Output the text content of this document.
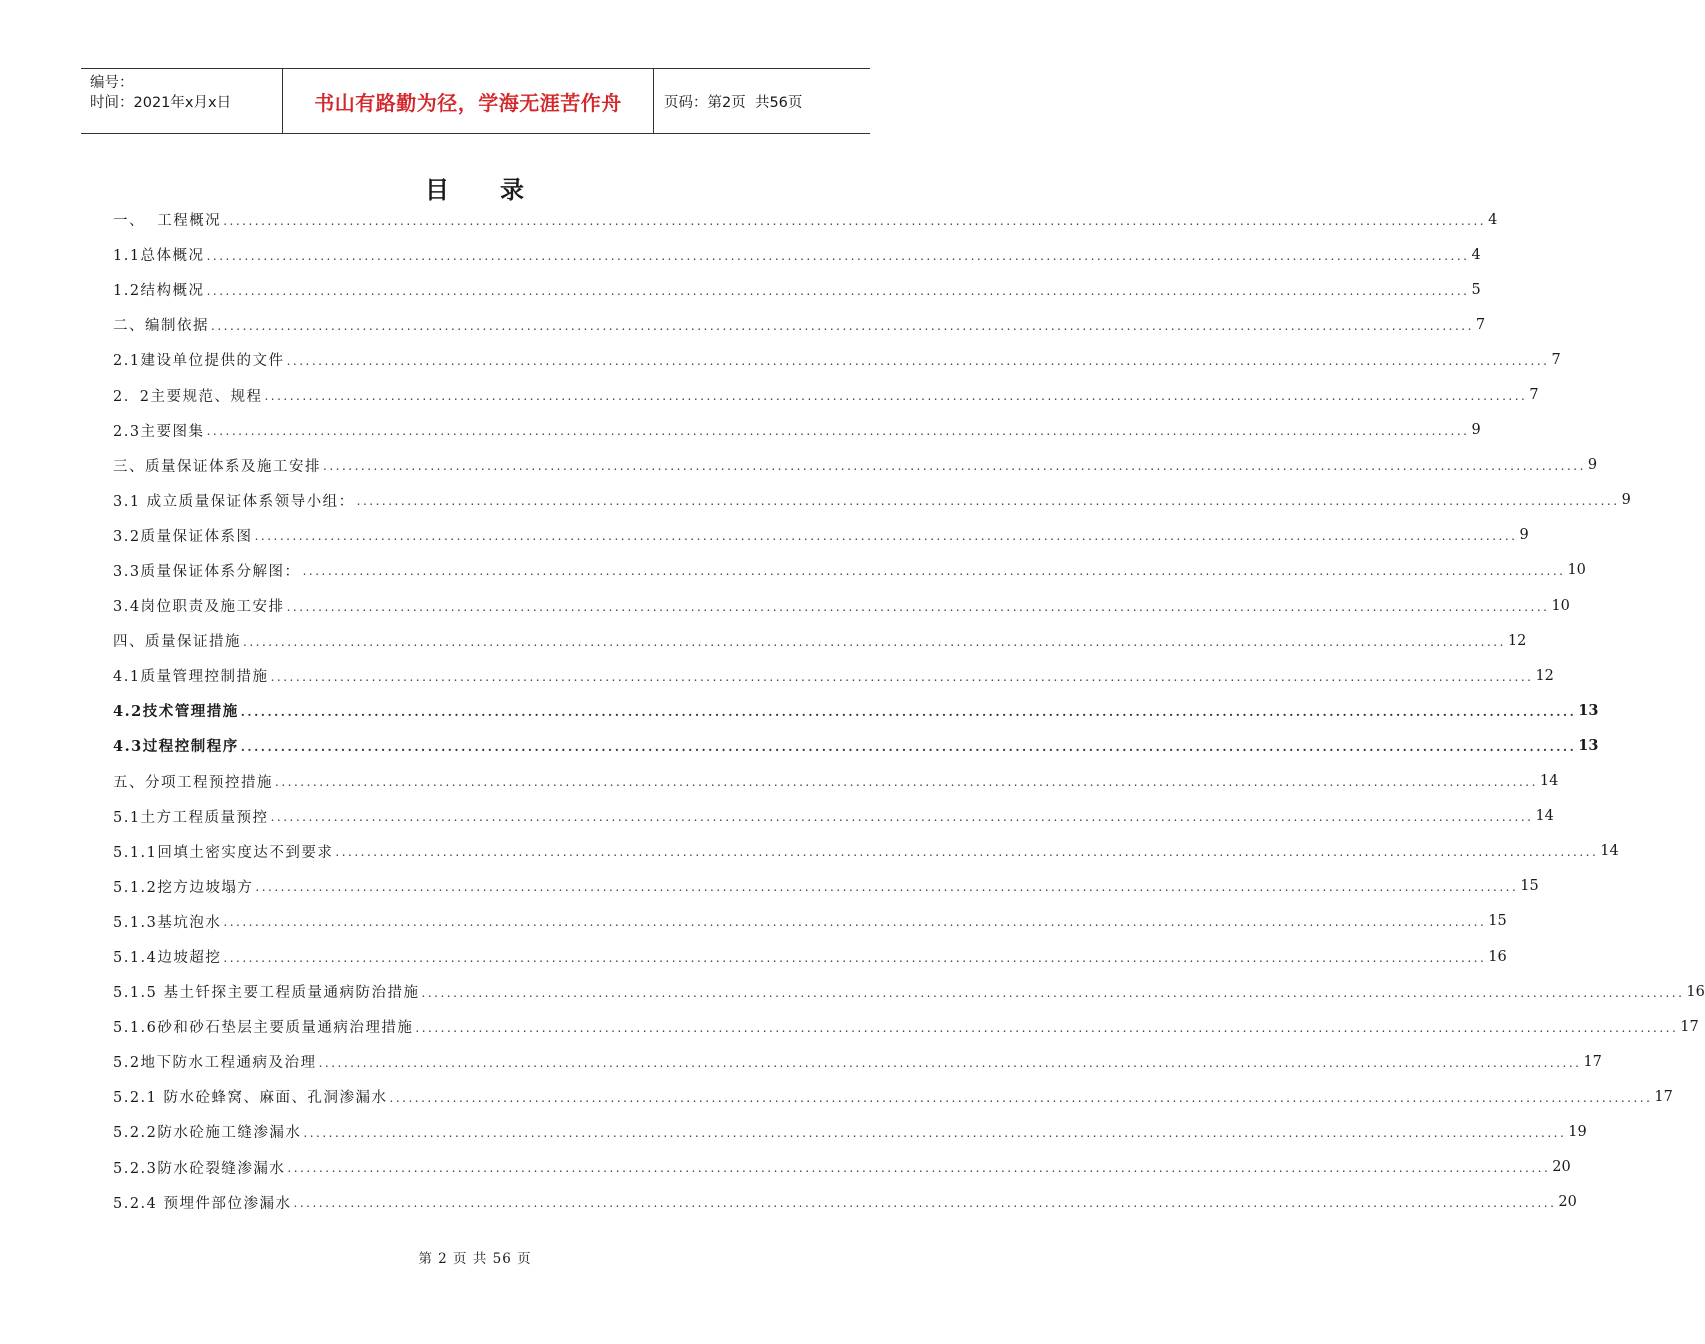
编号：
时间：2021年x月x日	书山有路勤为径，学海无涯苦作舟	页码：第2页  共56页
目 录
一、  工程概况 ........................................................................................................................................................................................................ 4
1.1总体概况 ........................................................................................................................................................................................................ 4
1.2结构概况 ........................................................................................................................................................................................................ 5
二、编制依据 ........................................................................................................................................................................................................ 7
2.1建设单位提供的文件 ........................................................................................................................................................................................................ 7
2．2主要规范、规程 ........................................................................................................................................................................................................ 7
2.3主要图集 ........................................................................................................................................................................................................ 9
三、质量保证体系及施工安排 ........................................................................................................................................................................................................ 9
3.1 成立质量保证体系领导小组： ........................................................................................................................................................................................................ 9
3.2质量保证体系图 ........................................................................................................................................................................................................ 9
3.3质量保证体系分解图： ........................................................................................................................................................................................................ 10
3.4岗位职责及施工安排 ........................................................................................................................................................................................................ 10
四、质量保证措施 ........................................................................................................................................................................................................ 12
4.1质量管理控制措施 ........................................................................................................................................................................................................ 12
4.2技术管理措施 ........................................................................................................................................................................................................ 13
4.3过程控制程序 ........................................................................................................................................................................................................ 13
五、分项工程预控措施 ........................................................................................................................................................................................................ 14
5.1土方工程质量预控 ........................................................................................................................................................................................................ 14
5.1.1回填土密实度达不到要求 ........................................................................................................................................................................................................ 14
5.1.2挖方边坡塌方 ........................................................................................................................................................................................................ 15
5.1.3基坑泡水 ........................................................................................................................................................................................................ 15
5.1.4边坡超挖 ........................................................................................................................................................................................................ 16
5.1.5 基土钎探主要工程质量通病防治措施 ........................................................................................................................................................................................................ 16
5.1.6砂和砂石垫层主要质量通病治理措施 ........................................................................................................................................................................................................ 17
5.2地下防水工程通病及治理 ........................................................................................................................................................................................................ 17
5.2.1 防水砼蜂窝、麻面、孔洞渗漏水 ........................................................................................................................................................................................................ 17
5.2.2防水砼施工缝渗漏水 ........................................................................................................................................................................................................ 19
5.2.3防水砼裂缝渗漏水 ........................................................................................................................................................................................................ 20
5.2.4 预埋件部位渗漏水 ........................................................................................................................................................................................................ 20
第 2 页 共 56 页
